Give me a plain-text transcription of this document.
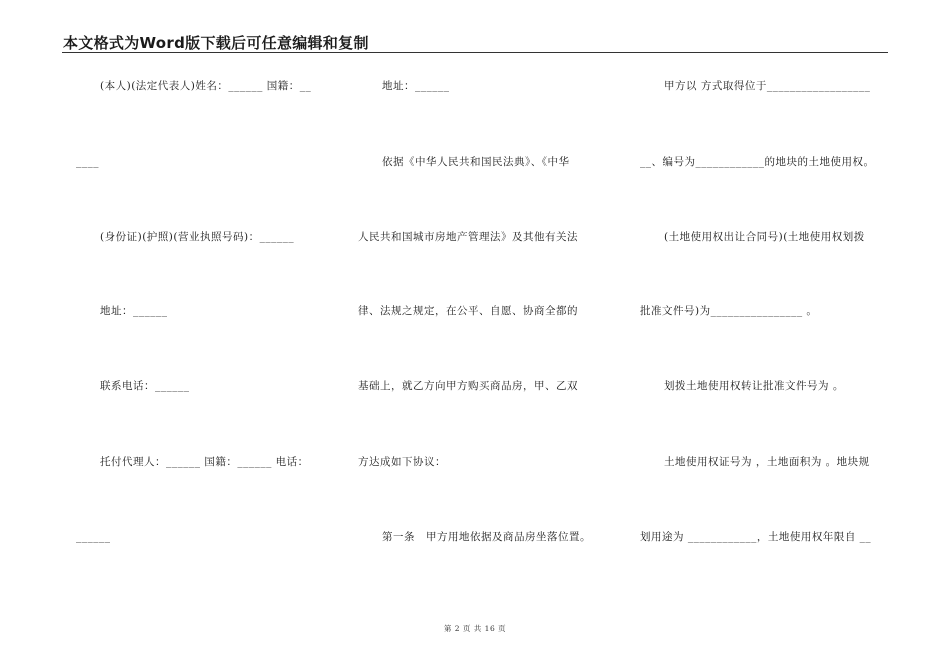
本文格式为Word版下载后可任意编辑和复制
(本人)(法定代表人)姓名：______ 国籍：__
____
(身份证)(护照)(营业执照号码)：______
地址：______
联系电话：______
托付代理人：______ 国籍：______ 电话：
______
地址：______
依据《中华人民共和国民法典》、《中华
人民共和国城市房地产管理法》及其他有关法
律、法规之规定，在公平、自愿、协商全都的
基础上，就乙方向甲方购买商品房，甲、乙双
方达成如下协议：
第一条　甲方用地依据及商品房坐落位置。
甲方以 方式取得位于__________________
__、编号为____________的地块的土地使用权。
(土地使用权出让合同号)(土地使用权划拨
批准文件号)为________________ 。
划拨土地使用权转让批准文件号为 。
土地使用权证号为 ，土地面积为 。地块规
划用途为 ____________，土地使用权年限自 __
第 2 页 共 16 页
